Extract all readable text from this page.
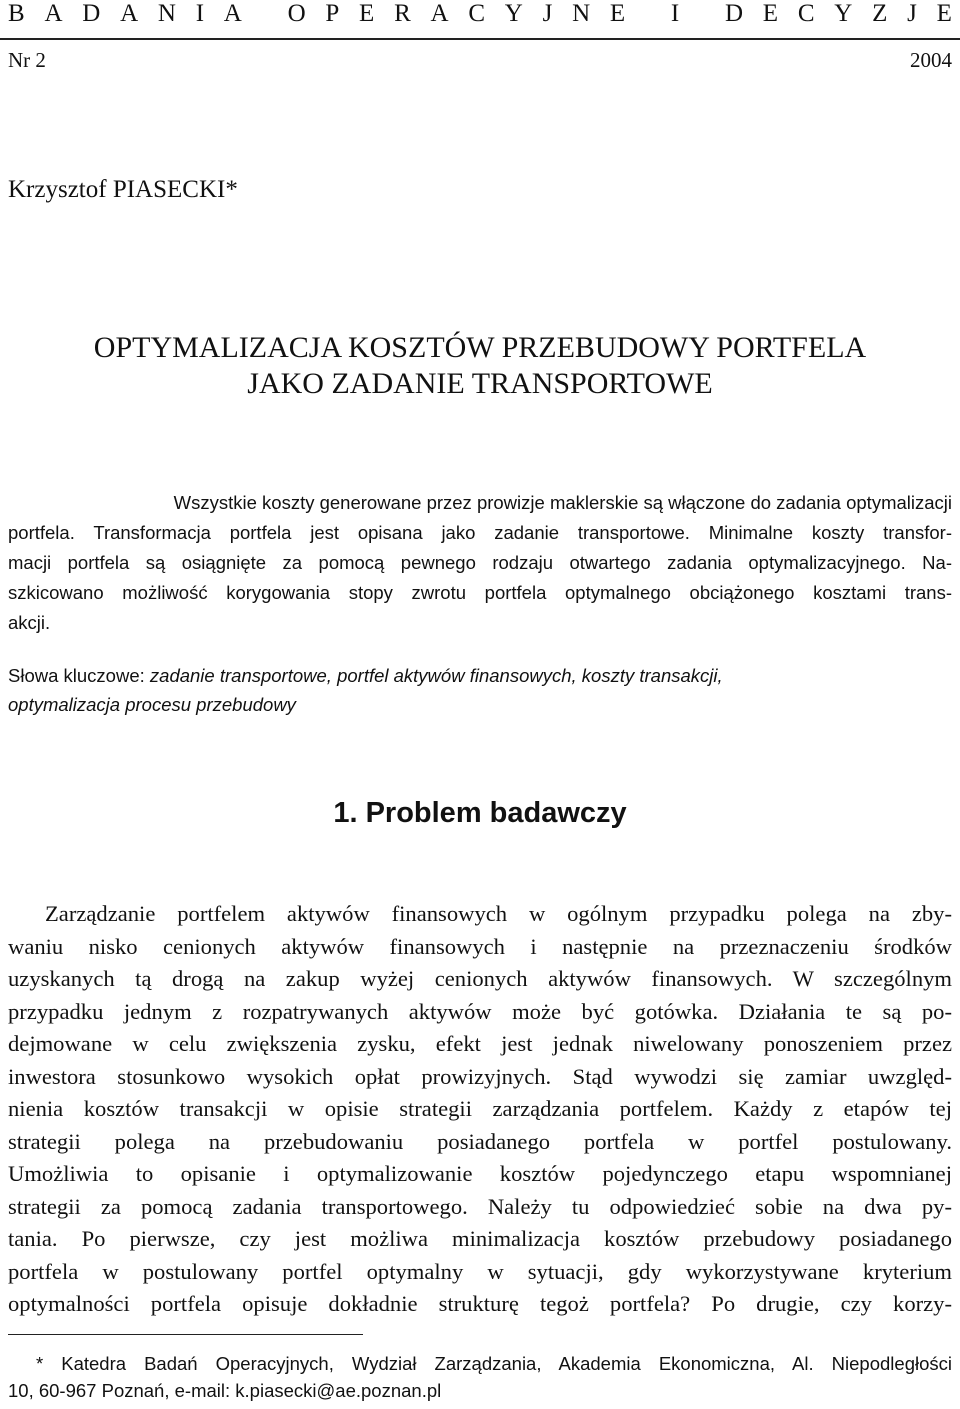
B A D A N I A
O P E R A C Y J N E
I
D E C Y Z J E
Nr 2	2004
Krzysztof PIASECKI*
OPTYMALIZACJA KOSZTÓW PRZEBUDOWY PORTFELA
JAKO ZADANIE TRANSPORTOWE
Wszystkie koszty generowane przez prowizje maklerskie są włączone do zadania optymalizacji
portfela. Transformacja portfela jest opisana jako zadanie transportowe. Minimalne koszty transfor-
macji portfela są osiągnięte za pomocą pewnego rodzaju otwartego zadania optymalizacyjnego. Na-
szkicowano możliwość korygowania stopy zwrotu portfela optymalnego obciążonego kosztami trans-
akcji.
Słowa kluczowe: zadanie transportowe, portfel aktywów finansowych, koszty transakcji,
optymalizacja procesu przebudowy
1. Problem badawczy
Zarządzanie portfelem aktywów finansowych w ogólnym przypadku polega na zby-
waniu nisko cenionych aktywów finansowych i następnie na przeznaczeniu środków
uzyskanych tą drogą na zakup wyżej cenionych aktywów finansowych. W szczególnym
przypadku jednym z rozpatrywanych aktywów może być gotówka. Działania te są po-
dejmowane w celu zwiększenia zysku, efekt jest jednak niwelowany ponoszeniem przez
inwestora stosunkowo wysokich opłat prowizyjnych. Stąd wywodzi się zamiar uwzględ-
nienia kosztów transakcji w opisie strategii zarządzania portfelem. Każdy z etapów tej
strategii polega na przebudowaniu posiadanego portfela w portfel postulowany.
Umożliwia to opisanie i optymalizowanie kosztów pojedynczego etapu wspomnianej
strategii za pomocą zadania transportowego. Należy tu odpowiedzieć sobie na dwa py-
tania. Po pierwsze, czy jest możliwa minimalizacja kosztów przebudowy posiadanego
portfela w postulowany portfel optymalny w sytuacji, gdy wykorzystywane kryterium
optymalności portfela opisuje dokładnie strukturę tegoż portfela? Po drugie, czy korzy-
* Katedra Badań Operacyjnych, Wydział Zarządzania, Akademia Ekonomiczna, Al. Niepodległości
10, 60-967 Poznań, e-mail: k.piasecki@ae.poznan.pl
